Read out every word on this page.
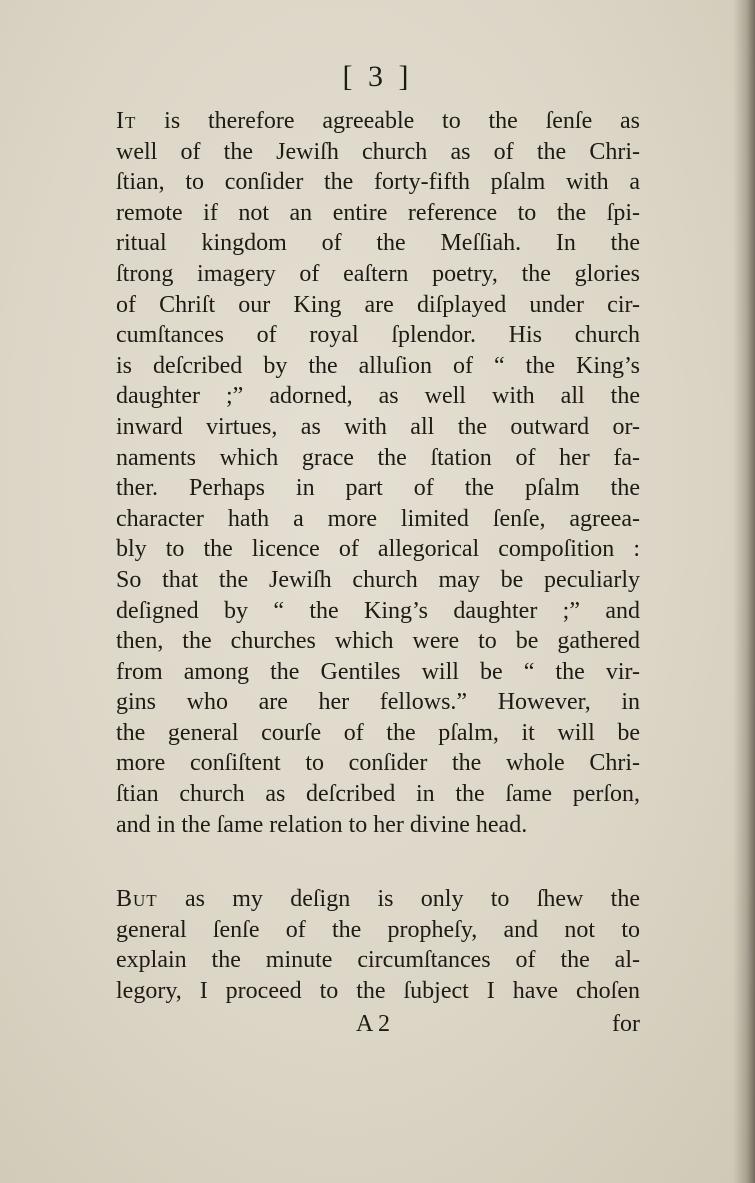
[ 3 ]
It is therefore agreeable to the ſenſe as
well of the Jewiſh church as of the Chri-
ſtian, to conſider the forty-fifth pſalm with a
remote if not an entire reference to the ſpi-
ritual kingdom of the Meſſiah. In the
ſtrong imagery of eaſtern poetry, the glories
of Chriſt our King are diſplayed under cir-
cumſtances of royal ſplendor. His church
is deſcribed by the alluſion of “ the King’s
daughter ;” adorned, as well with all the
inward virtues, as with all the outward or-
naments which grace the ſtation of her fa-
ther. Perhaps in part of the pſalm the
character hath a more limited ſenſe, agreea-
bly to the licence of allegorical compoſition :
So that the Jewiſh church may be peculiarly
deſigned by “ the King’s daughter ;” and
then, the churches which were to be gathered
from among the Gentiles will be “ the vir-
gins who are her fellows.” However, in
the general courſe of the pſalm, it will be
more conſiſtent to conſider the whole Chri-
ſtian church as deſcribed in the ſame perſon,
and in the ſame relation to her divine head.
But as my deſign is only to ſhew the
general ſenſe of the propheſy, and not to
explain the minute circumſtances of the al-
legory, I proceed to the ſubject I have choſen
A 2	for
